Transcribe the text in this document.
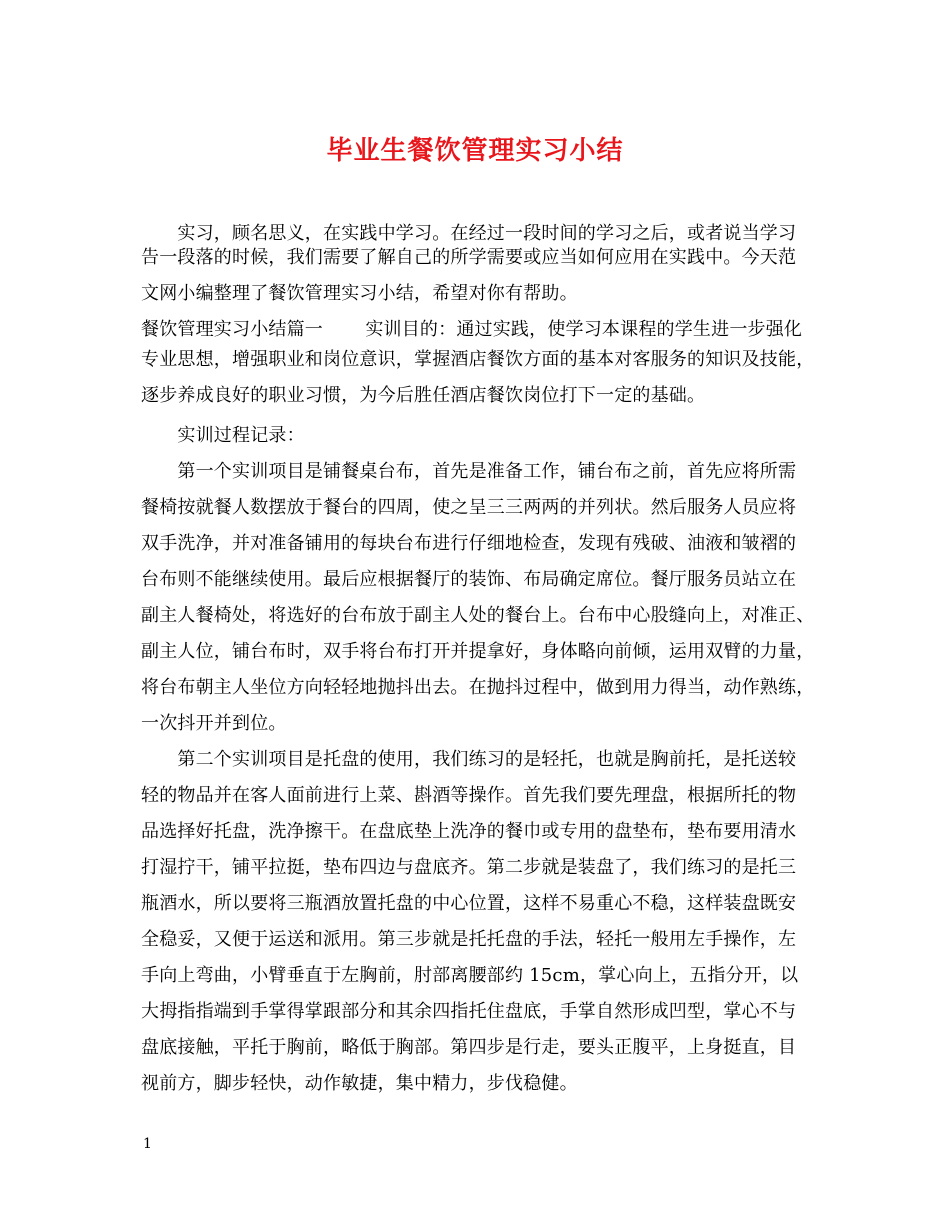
毕业生餐饮管理实习小结
　　实习，顾名思义，在实践中学习。在经过一段时间的学习之后，或者说当学习
告一段落的时候，我们需要了解自己的所学需要或应当如何应用在实践中。今天范
文网小编整理了餐饮管理实习小结，希望对你有帮助。
餐饮管理实习小结篇一　　 实训目的：通过实践，使学习本课程的学生进一步强化
专业思想，增强职业和岗位意识，掌握酒店餐饮方面的基本对客服务的知识及技能，
逐步养成良好的职业习惯，为今后胜任酒店餐饮岗位打下一定的基础。
　　实训过程记录：
　　第一个实训项目是铺餐桌台布，首先是准备工作，铺台布之前，首先应将所需
餐椅按就餐人数摆放于餐台的四周，使之呈三三两两的并列状。然后服务人员应将
双手洗净，并对准备铺用的每块台布进行仔细地检查，发现有残破、油液和皱褶的
台布则不能继续使用。最后应根据餐厅的装饰、布局确定席位。餐厅服务员站立在
副主人餐椅处，将选好的台布放于副主人处的餐台上。台布中心股缝向上，对准正、
副主人位，铺台布时，双手将台布打开并提拿好，身体略向前倾，运用双臂的力量，
将台布朝主人坐位方向轻轻地抛抖出去。在抛抖过程中，做到用力得当，动作熟练，
一次抖开并到位。
　　第二个实训项目是托盘的使用，我们练习的是轻托，也就是胸前托，是托送较
轻的物品并在客人面前进行上菜、斟酒等操作。首先我们要先理盘，根据所托的物
品选择好托盘，洗净擦干。在盘底垫上洗净的餐巾或专用的盘垫布，垫布要用清水
打湿拧干，铺平拉挺，垫布四边与盘底齐。第二步就是装盘了，我们练习的是托三
瓶酒水，所以要将三瓶酒放置托盘的中心位置，这样不易重心不稳，这样装盘既安
全稳妥，又便于运送和派用。第三步就是托托盘的手法，轻托一般用左手操作，左
手向上弯曲，小臂垂直于左胸前，肘部离腰部约 15cm，掌心向上，五指分开，以
大拇指指端到手掌得掌跟部分和其余四指托住盘底，手掌自然形成凹型，掌心不与
盘底接触，平托于胸前，略低于胸部。第四步是行走，要头正腹平，上身挺直，目
视前方，脚步轻快，动作敏捷，集中精力，步伐稳健。
1
